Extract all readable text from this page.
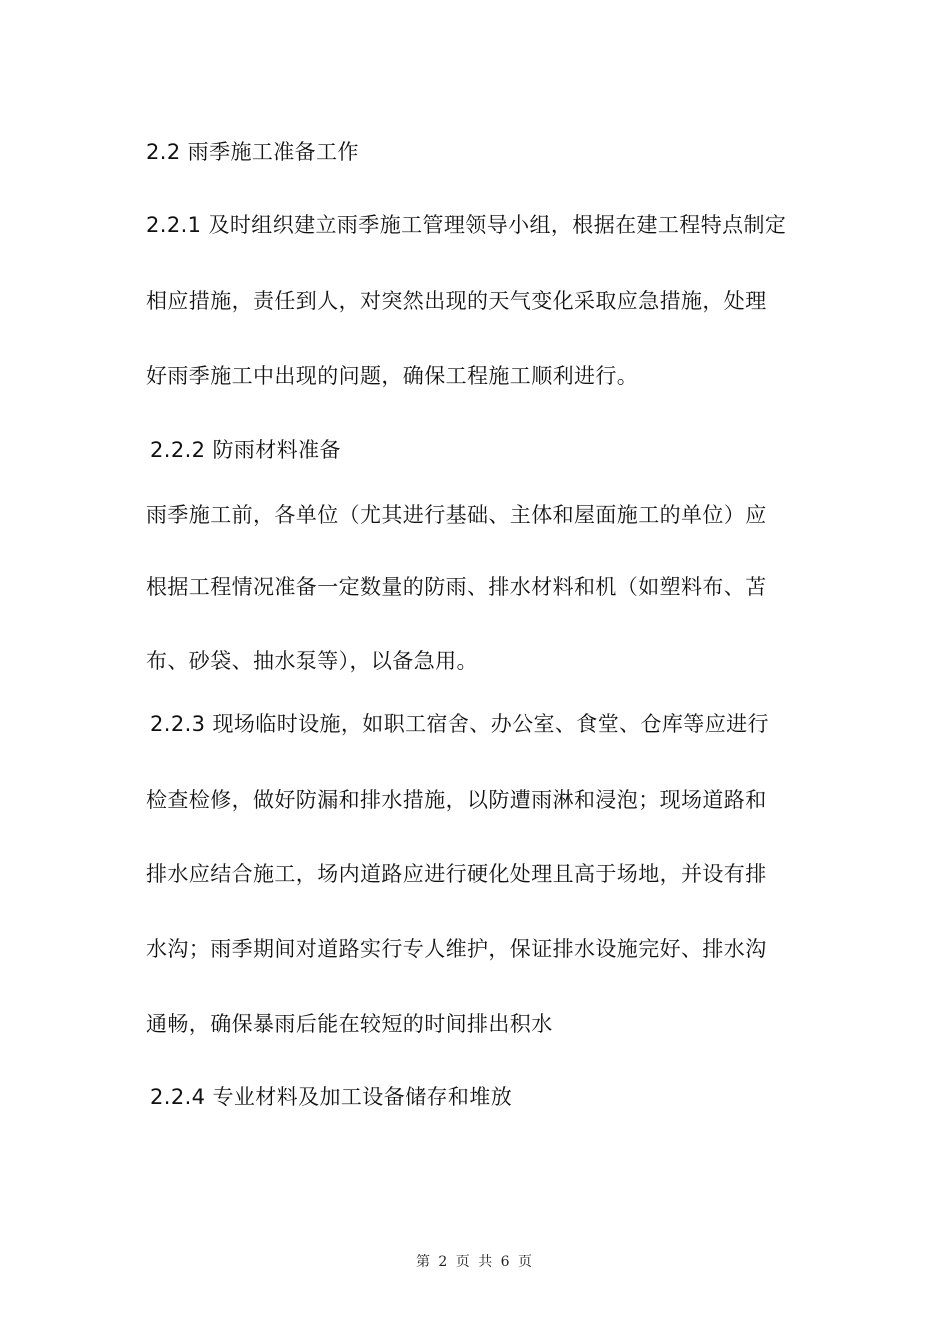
2.2 雨季施工准备工作
2.2.1 及时组织建立雨季施工管理领导小组，根据在建工程特点制定
相应措施，责任到人，对突然出现的天气变化采取应急措施，处理
好雨季施工中出现的问题，确保工程施工顺利进行。
2.2.2 防雨材料准备
雨季施工前，各单位（尤其进行基础、主体和屋面施工的单位）应
根据工程情况准备一定数量的防雨、排水材料和机（如塑料布、苫
布、砂袋、抽水泵等），以备急用。
2.2.3 现场临时设施，如职工宿舍、办公室、食堂、仓库等应进行
检查检修，做好防漏和排水措施，以防遭雨淋和浸泡；现场道路和
排水应结合施工，场内道路应进行硬化处理且高于场地，并设有排
水沟；雨季期间对道路实行专人维护，保证排水设施完好、排水沟
通畅，确保暴雨后能在较短的时间排出积水
2.2.4 专业材料及加工设备储存和堆放
第 2 页 共 6 页
